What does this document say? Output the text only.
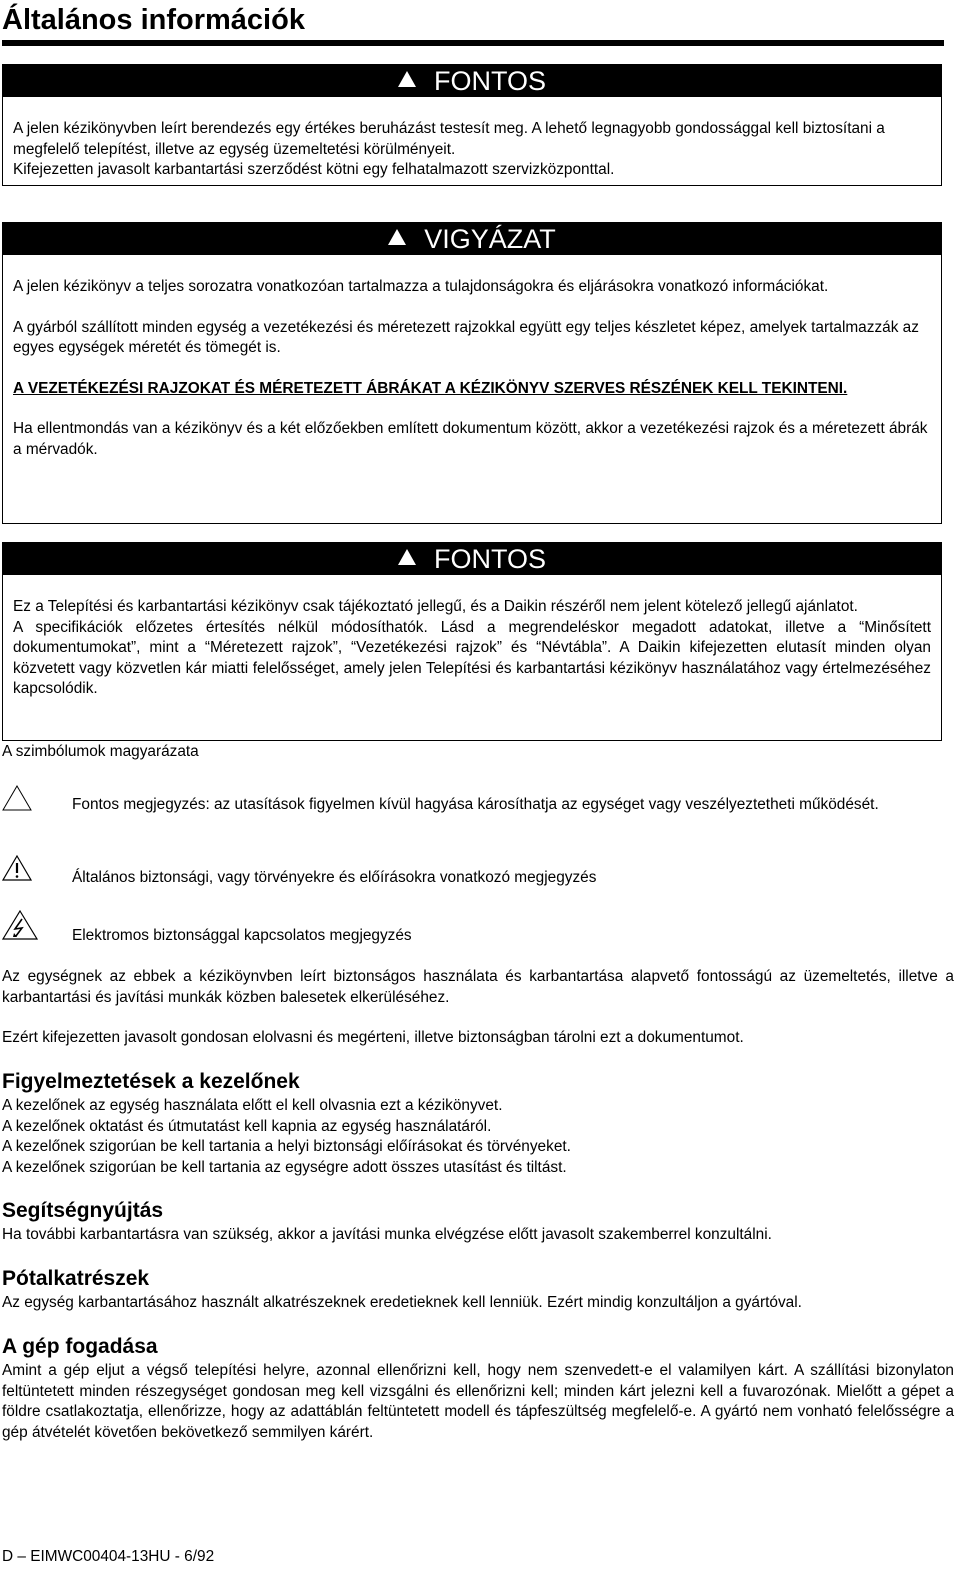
Általános információk
FONTOS

A jelen kézikönyvben leírt berendezés egy értékes beruházást testesít meg. A lehető legnagyobb gondossággal kell biztosítani a megfelelő telepítést, illetve az egység üzemeltetési körülményeit.

Kifejezetten javasolt karbantartási szerződést kötni egy felhatalmazott szervizközponttal.

VIGYÁZAT

A jelen kézikönyv a teljes sorozatra vonatkozóan tartalmazza a tulajdonságokra és eljárásokra vonatkozó információkat.

A gyárból szállított minden egység a vezetékezési és méretezett rajzokkal együtt egy teljes készletet képez, amelyek tartalmazzák az egyes egységek méretét és tömegét is.

A VEZETÉKEZÉSI RAJZOKAT ÉS MÉRETEZETT ÁBRÁKAT A KÉZIKÖNYV SZERVES RÉSZÉNEK KELL TEKINTENI.

Ha ellentmondás van a kézikönyv és a két előzőekben említett dokumentum között, akkor a vezetékezési rajzok és a méretezett ábrák a mérvadók.

FONTOS

Ez a Telepítési és karbantartási kézikönyv csak tájékoztató jellegű, és a Daikin részéről nem jelent kötelező jellegű ajánlatot.

A specifikációk előzetes értesítés nélkül módosíthatók. Lásd a megrendeléskor megadott adatokat, illetve a “Minősített dokumentumokat”, mint a “Méretezett rajzok”, “Vezetékezési rajzok” és “Névtábla”. A Daikin kifejezetten elutasít minden olyan közvetett vagy közvetlen kár miatti felelősséget, amely jelen Telepítési és karbantartási kézikönyv használatához vagy értelmezéséhez kapcsolódik.

A szimbólumok magyarázata

Fontos megjegyzés: az utasítások figyelmen kívül hagyása károsíthatja az egységet vagy veszélyeztetheti működését.

Általános biztonsági, vagy törvényekre és előírásokra vonatkozó megjegyzés
Elektromos biztonsággal kapcsolatos megjegyzés
Az egységnek az ebbek a kéziköynvben leírt biztonságos használata és karbantartása alapvető fontosságú az üzemeltetés, illetve a karbantartási és javítási munkák közben balesetek elkerüléséhez.
Ezért kifejezetten javasolt gondosan elolvasni és megérteni, illetve biztonságban tárolni ezt a dokumentumot.
Figyelmeztetések a kezelőnek

A kezelőnek az egység használata előtt el kell olvasnia ezt a kézikönyvet.

A kezelőnek oktatást és útmutatást kell kapnia az egység használatáról.

A kezelőnek szigorúan be kell tartania a helyi biztonsági előírásokat és törvényeket.

A kezelőnek szigorúan be kell tartania az egységre adott összes utasítást és tiltást.

Segítségnyújtás
Ha további karbantartásra van szükség, akkor a javítási munka elvégzése előtt javasolt szakemberrel konzultálni.
Pótalkatrészek
Az egység karbantartásához használt alkatrészeknek eredetieknek kell lenniük. Ezért mindig konzultáljon a gyártóval.
A gép fogadása
Amint a gép eljut a végső telepítési helyre, azonnal ellenőrizni kell, hogy nem szenvedett-e el valamilyen kárt. A szállítási bizonylaton feltüntetett minden részegységet gondosan meg kell vizsgálni és ellenőrizni kell; minden kárt jelezni kell a fuvarozónak. Mielőtt a gépet a földre csatlakoztatja, ellenőrizze, hogy az adattáblán feltüntetett modell és tápfeszültség megfelelő-e. A gyártó nem vonható felelősségre a gép átvételét követően bekövetkező semmilyen kárért.
D – EIMWC00404-13HU - 6/92
